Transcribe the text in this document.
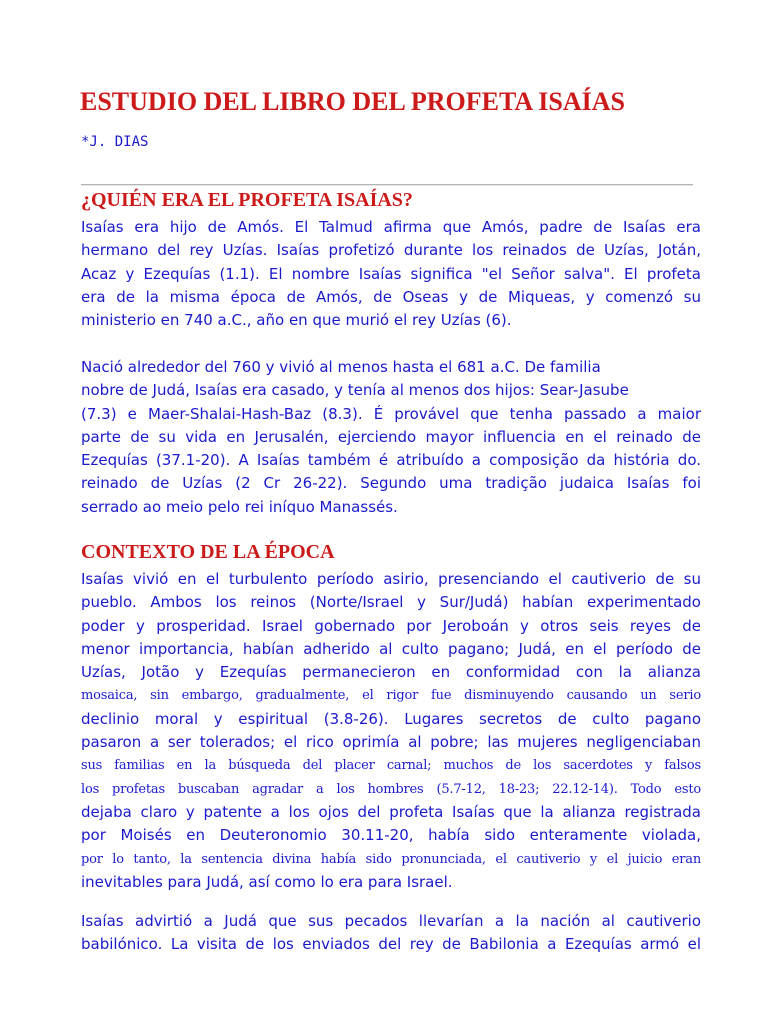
ESTUDIO DEL LIBRO DEL PROFETA ISAÍAS
*J. DIAS
¿QUIÉN ERA EL PROFETA ISAÍAS?
Isaías era hijo de Amós. El Talmud afirma que Amós, padre de Isaías era
hermano del rey Uzías. Isaías profetizó durante los reinados de Uzías, Jotán,
Acaz y Ezequías (1.1). El nombre Isaías significa "el Señor salva". El profeta
era de la misma época de Amós, de Oseas y de Miqueas, y comenzó su
ministerio en 740 a.C., año en que murió el rey Uzías (6).
Nació alrededor del 760 y vivió al menos hasta el 681 a.C. De familia
nobre de Judá, Isaías era casado, y tenía al menos dos hijos: Sear-Jasube
(7.3) e Maer-Shalai-Hash-Baz (8.3). É provável que tenha passado a maior
parte de su vida en Jerusalén, ejerciendo mayor influencia en el reinado de
Ezequías (37.1-20). A Isaías também é atribuído a composição da história do.
reinado de Uzías (2 Cr 26-22). Segundo uma tradição judaica Isaías foi
serrado ao meio pelo rei iníquo Manassés.
CONTEXTO DE LA ÉPOCA
Isaías vivió en el turbulento período asirio, presenciando el cautiverio de su
pueblo. Ambos los reinos (Norte/Israel y Sur/Judá) habían experimentado
poder y prosperidad. Israel gobernado por Jeroboán y otros seis reyes de
menor importancia, habían adherido al culto pagano; Judá, en el período de
Uzías, Jotão y Ezequías permanecieron en conformidad con la alianza
mosaica, sin embargo, gradualmente, el rigor fue disminuyendo causando un serio
declinio moral y espiritual (3.8-26). Lugares secretos de culto pagano
pasaron a ser tolerados; el rico oprimía al pobre; las mujeres negligenciaban
sus familias en la búsqueda del placer carnal; muchos de los sacerdotes y falsos
los profetas buscaban agradar a los hombres (5.7-12, 18-23; 22.12-14). Todo esto
dejaba claro y patente a los ojos del profeta Isaías que la alianza registrada
por Moisés en Deuteronomio 30.11-20, había sido enteramente violada,
por lo tanto, la sentencia divina había sido pronunciada, el cautiverio y el juicio eran
inevitables para Judá, así como lo era para Israel.
Isaías advirtió a Judá que sus pecados llevarían a la nación al cautiverio
babilónico. La visita de los enviados del rey de Babilonia a Ezequías armó el
